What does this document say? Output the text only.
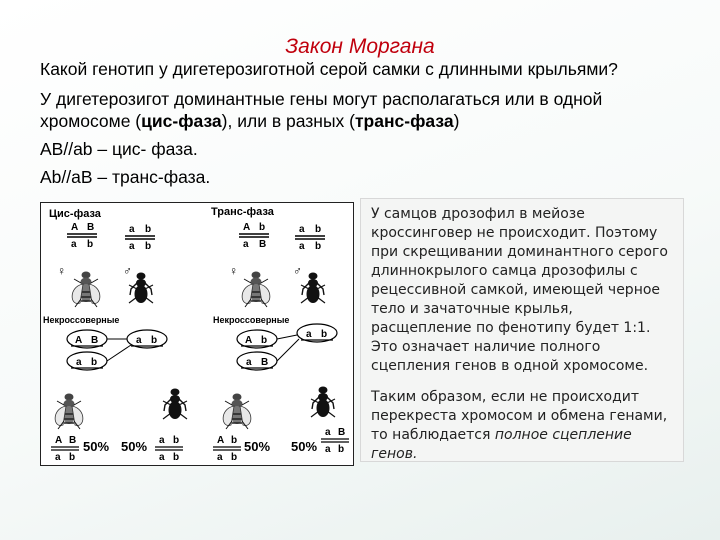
Закон Моргана
Какой генотип у дигетерозиготной серой самки с длинными крыльями?
У дигетерозигот доминантные гены могут располагаться или в одной
хромосоме (цис-фаза), или в разных (транс-фаза)
АВ//ab – цис- фаза.
Ab//aB – транс-фаза.
Цис-фаза	Транс-фаза
А В
а b
а b
а b
А b
а В
а b
а b
♀	♂	♀	♂
Некроссоверные	Некроссоверные
А В	а b
а b
А b
а b
а В
А В
а b
50% 50% а b
а b
А b
а b
50% 50%
а В
а b

У самцов дрозофил в мейозе кроссинговер не происходит. Поэтому при скрещивании доминантного серого длиннокрылого самца дрозофилы с рецессивной самкой, имеющей черное тело и зачаточные крылья, расщепление по фенотипу будет 1:1. Это означает наличие полного сцепления генов в одной хромосоме.

Таким образом, если не происходит перекреста хромосом и обмена генами, то наблюдается полное сцепление генов.
